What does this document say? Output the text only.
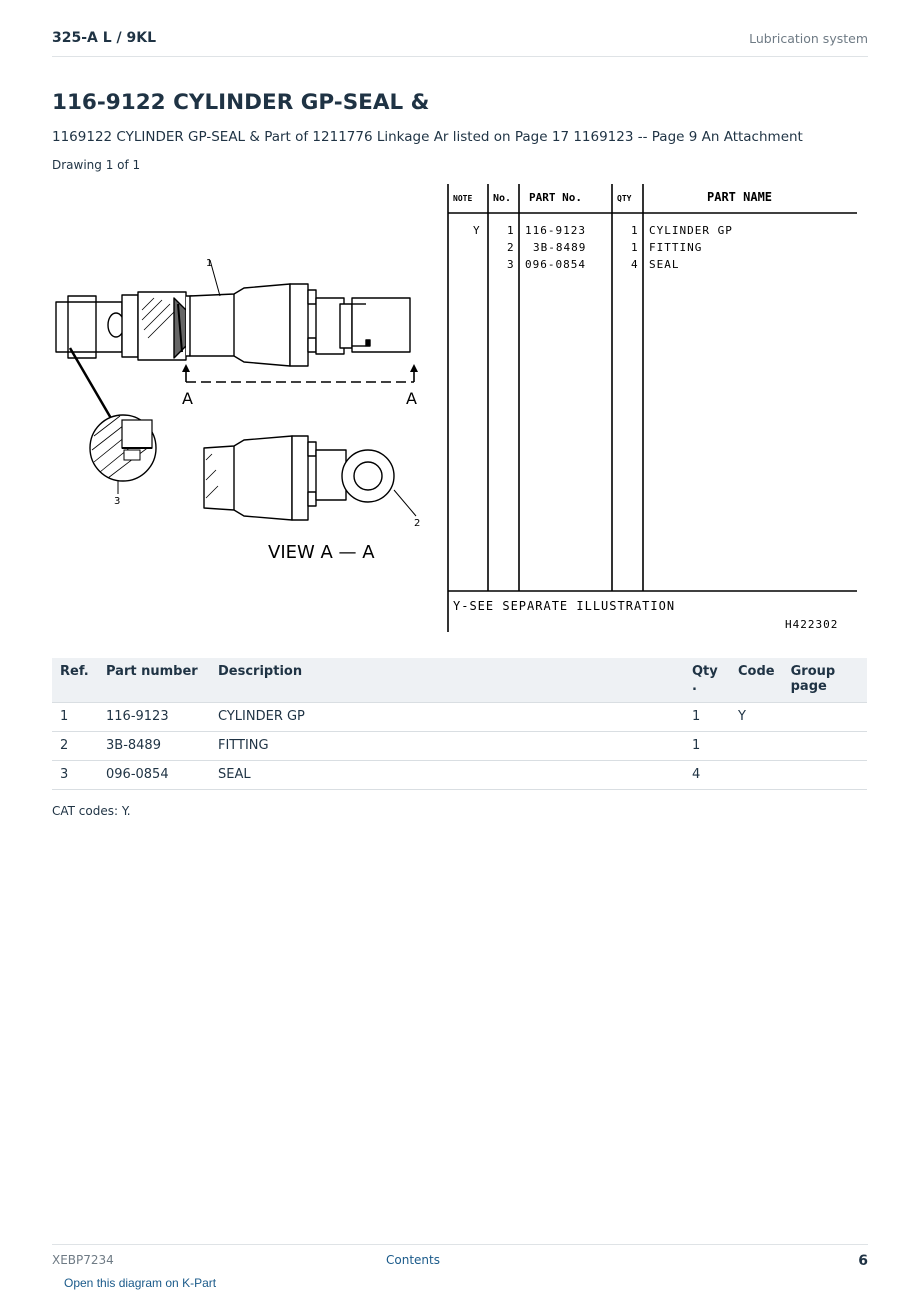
325-A L / 9KL	Lubrication system
116-9122 CYLINDER GP-SEAL &
1169122 CYLINDER GP-SEAL & Part of 1211776 Linkage Ar listed on Page 17 1169123 -- Page 9 An Attachment
Drawing 1 of 1
1
A	A
3
2
VIEW A — A
NOTE No. PART No.	QTY	PART NAME
Y 1 116-9123	1 CYLINDER GP
2 3B-8489	1 FITTING
3 096-0854	4 SEAL
Y-SEE SEPARATE ILLUSTRATION
H422302
Ref.	Part number	Description	Qty
.	Code	Group
page
1	116-9123	CYLINDER GP	1	Y	
2	3B-8489	FITTING	1		
3	096-0854	SEAL	4		
CAT codes: Y.
XEBP7234	Contents	6
Open this diagram on K-Part
